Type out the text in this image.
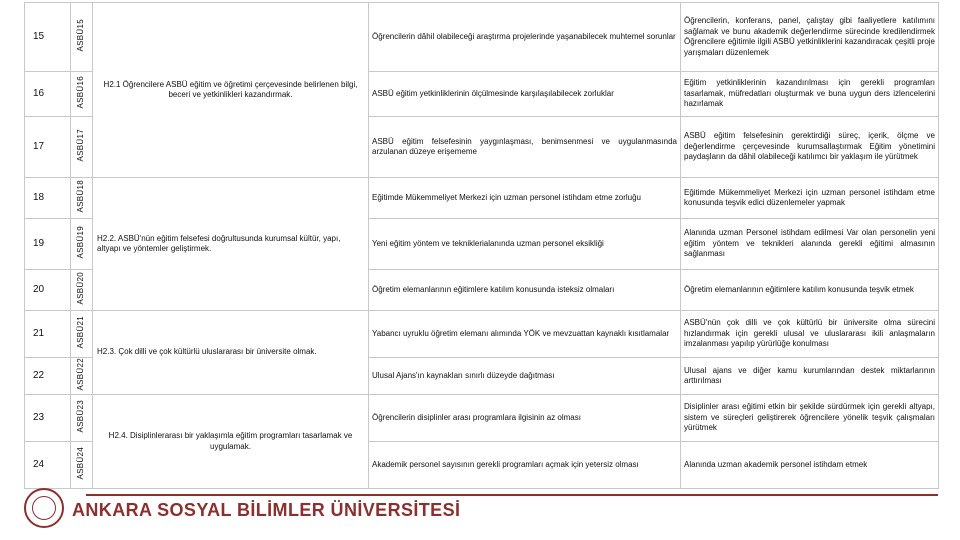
15	ASBÜ15	H2.1 Öğrencilere ASBÜ eğitim ve öğretimi çerçevesinde belirlenen bilgi, beceri ve yetkinlikleri kazandırmak.	Öğrencilerin dâhil olabileceği araştırma projelerinde yaşanabilecek muhtemel sorunlar	Öğrencilerin, konferans, panel, çalıştay gibi faaliyetlere katılımını sağlamak ve bunu akademik değerlendirme sürecinde kredilendirmek Öğrencilere eğitimle ilgili ASBÜ yetkinliklerini kazandıracak çeşitli proje yarışmaları düzenlemek
16	ASBÜ16		ASBÜ eğitim yetkinliklerinin ölçülmesinde karşılaşılabilecek zorluklar	Eğitim yetkinliklerinin kazandırılması için gerekli programları tasarlamak, müfredatları oluşturmak ve buna uygun ders izlencelerini hazırlamak
17	ASBÜ17		ASBÜ eğitim felsefesinin yaygınlaşması, benimsenmesi ve uygulanmasında arzulanan düzeye erişememe	ASBÜ eğitim felsefesinin gerektirdiği süreç, içerik, ölçme ve değerlendirme çerçevesinde kurumsallaştırmak Eğitim yönetimini paydaşların da dâhil olabileceği katılımcı bir yaklaşım ile yürütmek
18	ASBÜ18	H2.2. ASBÜ'nün eğitim felsefesi doğrultusunda kurumsal kültür, yapı, altyapı ve yöntemler geliştirmek.	Eğitimde Mükemmeliyet Merkezi için uzman personel istihdam etme zorluğu	Eğitimde Mükemmeliyet Merkezi için uzman personel istihdam etme konusunda teşvik edici düzenlemeler yapmak
19	ASBÜ19		Yeni eğitim yöntem ve tekniklerialanında uzman personel eksikliği	Alanında uzman Personel istihdam edilmesi Var olan personelin yeni eğitim yöntem ve teknikleri alanında gerekli eğitimi almasının sağlanması
20	ASBÜ20		Öğretim elemanlarının eğitimlere katılım konusunda isteksiz olmaları	Öğretim elemanlarının eğitimlere katılım konusunda teşvik etmek
21	ASBÜ21	H2.3. Çok dilli ve çok kültürlü uluslararası bir üniversite olmak.	Yabancı uyruklu öğretim elemanı alımında YÖK ve mevzuattan kaynaklı kısıtlamalar	ASBÜ'nün çok dilli ve çok kültürlü bir üniversite olma sürecini hızlandırmak için gerekli ulusal ve uluslararası ikili anlaşmaların imzalanması yapılıp yürürlüğe konulması
22	ASBÜ22		Ulusal Ajans'ın kaynakları sınırlı düzeyde dağıtması	Ulusal ajans ve diğer kamu kurumlarından destek miktarlarının arttırılması
23	ASBÜ23	H2.4. Disiplinlerarası bir yaklaşımla eğitim programları tasarlamak ve uygulamak.	Öğrencilerin disiplinler arası programlara ilgisinin az olması	Disiplinler arası eğitimi etkin bir şekilde sürdürmek için gerekli altyapı, sistem ve süreçleri geliştirerek öğrencilere yönelik teşvik çalışmaları yürütmek
24	ASBÜ24		Akademik personel sayısının gerekli programları açmak için yetersiz olması	Alanında uzman akademik personel istihdam etmek
ANKARA SOSYAL BİLİMLER ÜNİVERSİTESİ
